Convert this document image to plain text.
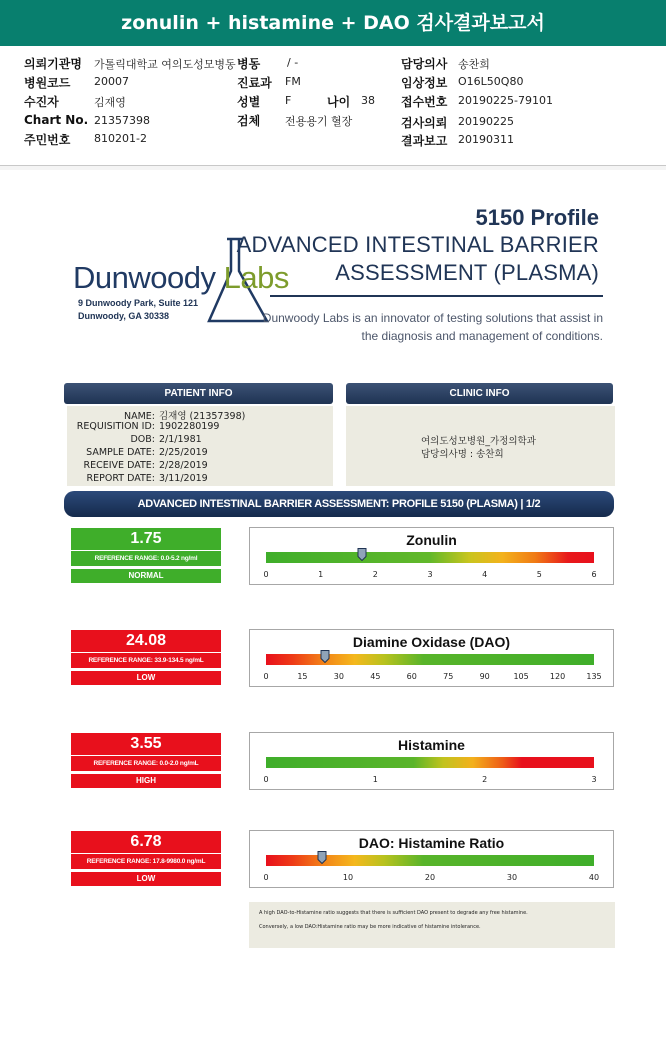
zonulin + histamine + DAO 검사결과보고서
의뢰기관명 가톨릭대학교 여의도성모병동
병원코드 20007
수진자	김재영
Chart No. 21357398
주민번호 810201-2
병동 / -
진료과 FM
성별 F	나이 38
검체 전용용기 혈장
담당의사 송찬희
임상정보 O16L50Q80
접수번호 20190225-79101
검사의뢰 20190225
결과보고 20190311
5150 Profile
ADVANCED INTESTINAL BARRIER
ASSESSMENT (PLASMA)
Dunwoody Labs
9 Dunwoody Park, Suite 121
Dunwoody, GA 30338	Dunwoody Labs is an innovator of testing solutions that assist in
the diagnosis and management of conditions.
PATIENT INFO
NAME: 김재영 (21357398)
REQUISITION ID: 1902280199
DOB: 2/1/1981
SAMPLE DATE: 2/25/2019
RECEIVE DATE: 2/28/2019
REPORT DATE: 3/11/2019
CLINIC INFO
여의도성모병원_가정의학과
담당의사명 : 송찬희
ADVANCED INTESTINAL BARRIER ASSESSMENT: PROFILE 5150 (PLASMA) | 1/2
1.75
REFERENCE RANGE: 0.0-5.2 ng/ml
NORMAL
Zonulin
0	1	2	3	4	5	6
24.08
REFERENCE RANGE: 33.9-134.5 ng/mL
LOW
Diamine Oxidase (DAO)
0	15	30	45	60	75	90	105	120	135
3.55
REFERENCE RANGE: 0.0-2.0 ng/mL
HIGH
Histamine
0	1	2	3
6.78
REFERENCE RANGE: 17.8-9980.0 ng/mL
LOW
DAO: Histamine Ratio
0	10	20	30	40
A high DAO-to-Histamine ratio suggests that there is sufficient DAO present to degrade any free histamine.
Conversely, a low DAO:Histamine ratio may be more indicative of histamine intolerance.
